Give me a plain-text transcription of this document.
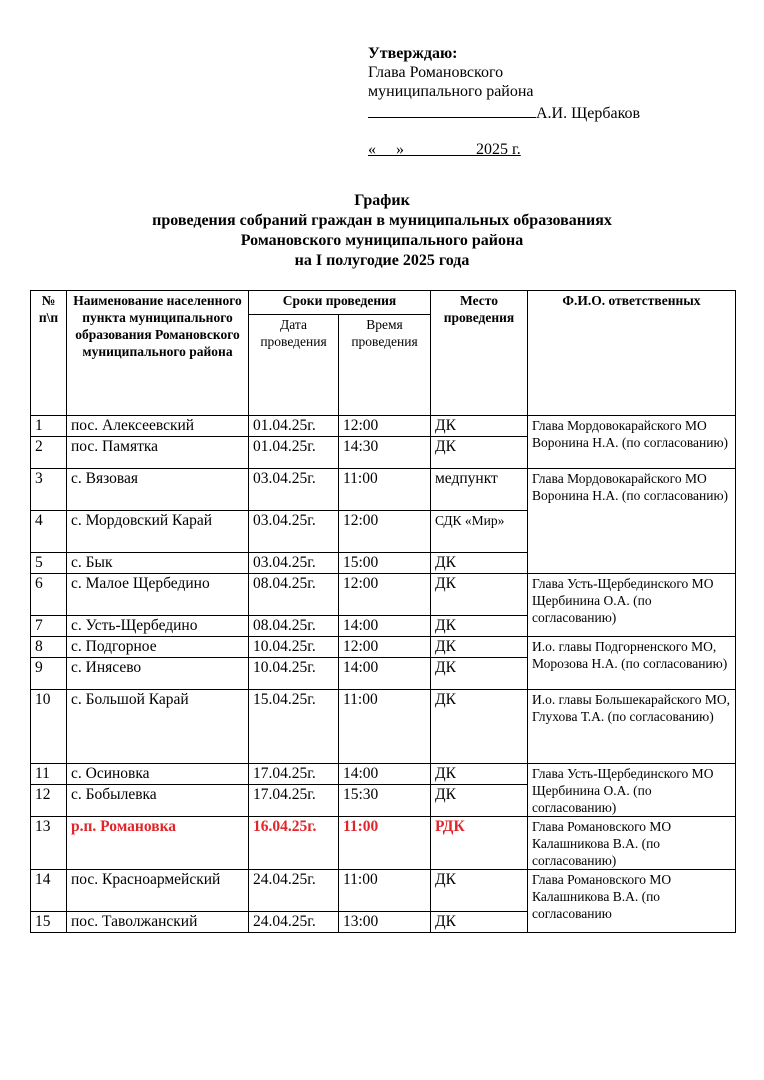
Утверждаю:
Глава Романовского
муниципального района
А.И. Щербаков
«     »                  2025 г.
График
проведения собраний граждан в муниципальных образованиях
Романовского муниципального района
на I полугодие 2025 года
№ п\п	Наименование населенного пункта муниципального образования Романовского муниципального района	Сроки проведения		Место проведения	Ф.И.О. ответственных
		Дата проведения	Время проведения		
1	пос. Алексеевский	01.04.25г.	12:00	ДК	Глава Мордовокарайского МО Воронина Н.А. (по согласованию)
2	пос. Памятка	01.04.25г.	14:30	ДК	
3	с. Вязовая	03.04.25г.	11:00	медпункт	Глава Мордовокарайского МО Воронина Н.А. (по согласованию)
4	с. Мордовский Карай	03.04.25г.	12:00	СДК «Мир»	
5	с. Бык	03.04.25г.	15:00	ДК	
6	с. Малое Щербедино	08.04.25г.	12:00	ДК	Глава Усть-Щербединского МО Щербинина О.А. (по согласованию)
7	с. Усть-Щербедино	08.04.25г.	14:00	ДК	
8	с. Подгорное	10.04.25г.	12:00	ДК	И.о. главы Подгорненского МО, Морозова Н.А. (по согласованию)
9	с. Инясево	10.04.25г.	14:00	ДК	
10	с. Большой Карай	15.04.25г.	11:00	ДК	И.о. главы Большекарайского МО, Глухова Т.А. (по согласованию)
11	с. Осиновка	17.04.25г.	14:00	ДК	Глава Усть-Щербединского МО Щербинина О.А. (по согласованию)
12	с. Бобылевка	17.04.25г.	15:30	ДК	
13	р.п. Романовка	16.04.25г.	11:00	РДК	Глава Романовского МО Калашникова В.А. (по согласованию)
14	пос. Красноармейский	24.04.25г.	11:00	ДК	Глава Романовского МО Калашникова В.А. (по согласованию
15	пос. Таволжанский	24.04.25г.	13:00	ДК	
